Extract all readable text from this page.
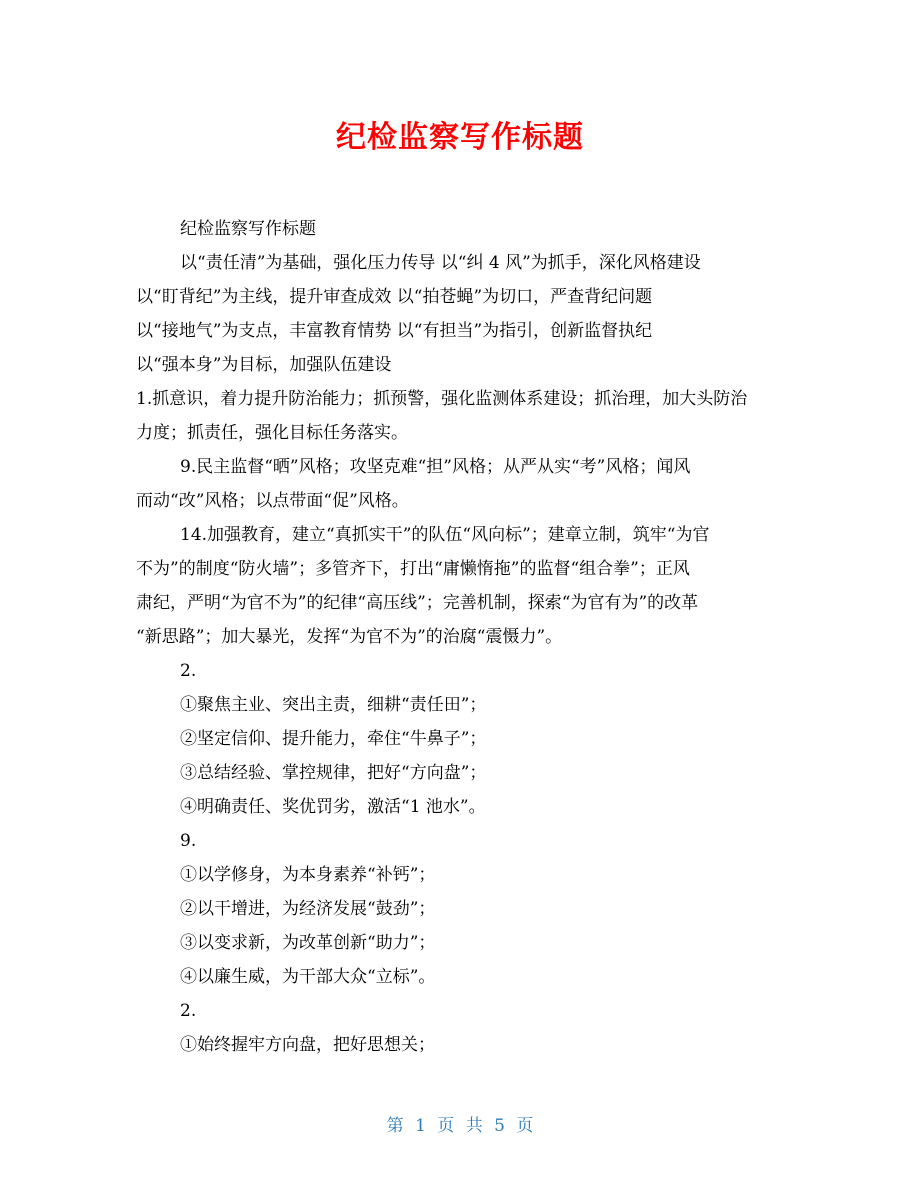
纪检监察写作标题
纪检监察写作标题
以“责任清”为基础，强化压力传导 以“纠 4 风”为抓手，深化风格建设
以“盯背纪”为主线，提升审查成效 以“拍苍蝇”为切口，严查背纪问题
以“接地气”为支点，丰富教育情势 以“有担当”为指引，创新监督执纪
以“强本身”为目标，加强队伍建设
1.抓意识，着力提升防治能力；抓预警，强化监测体系建设；抓治理，加大头防治
力度；抓责任，强化目标任务落实。
9.民主监督“晒”风格；攻坚克难“担”风格；从严从实“考”风格；闻风
而动“改”风格；以点带面“促”风格。
14.加强教育，建立“真抓实干”的队伍“风向标”；建章立制，筑牢“为官
不为”的制度“防火墙”；多管齐下，打出“庸懒惰拖”的监督“组合拳”；正风
肃纪，严明“为官不为”的纪律“高压线”；完善机制，探索“为官有为”的改革
“新思路”；加大暴光，发挥“为官不为”的治腐“震慑力”。
2.
①聚焦主业、突出主责，细耕“责任田”；
②坚定信仰、提升能力，牵住“牛鼻子”；
③总结经验、掌控规律，把好“方向盘”；
④明确责任、奖优罚劣，激活“1 池水”。
9.
①以学修身，为本身素养“补钙”；
②以干增进，为经济发展“鼓劲”；
③以变求新，为改革创新“助力”；
④以廉生威，为干部大众“立标”。
2.
①始终握牢方向盘，把好思想关；
第 1 页 共 5 页
